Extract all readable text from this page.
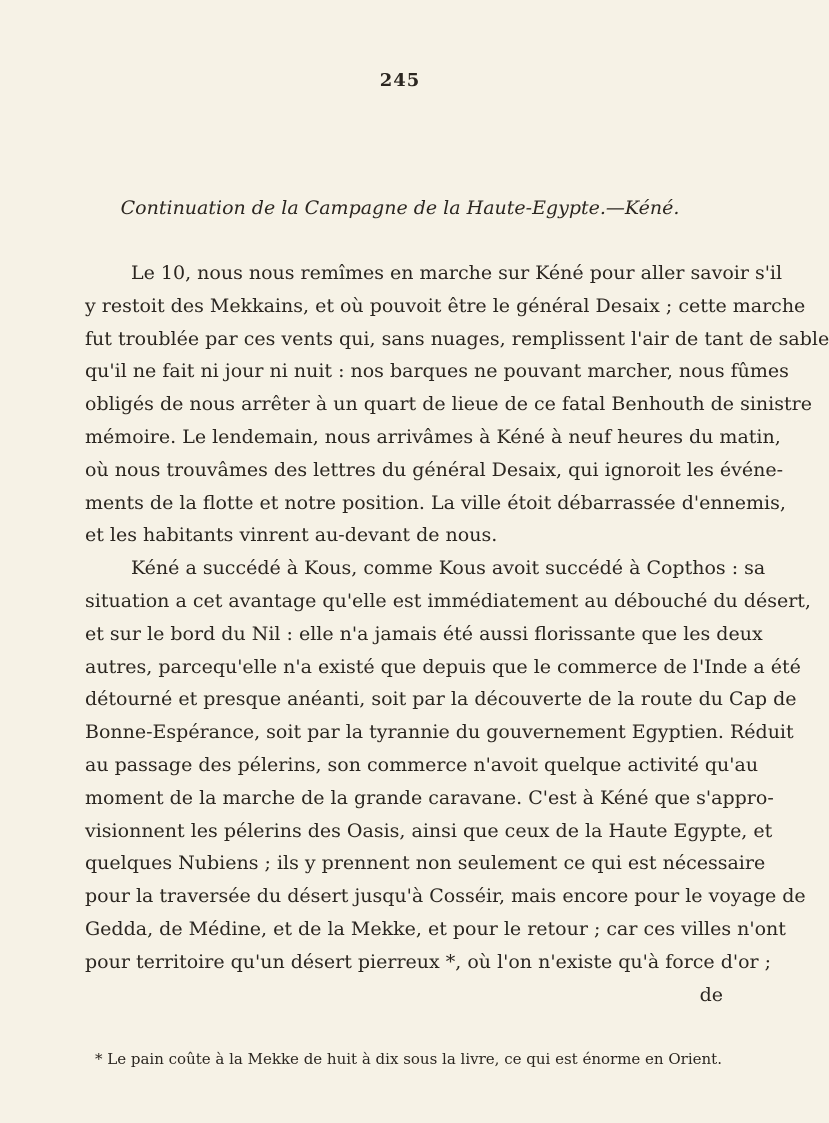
245
Continuation de la Campagne de la Haute-Egypte.—Kéné.
Le 10, nous nous remîmes en marche sur Kéné pour aller savoir s'il
y restoit des Mekkains, et où pouvoit être le général Desaix ; cette marche
fut troublée par ces vents qui, sans nuages, remplissent l'air de tant de sable
qu'il ne fait ni jour ni nuit : nos barques ne pouvant marcher, nous fûmes
obligés de nous arrêter à un quart de lieue de ce fatal Benhouth de sinistre
mémoire. Le lendemain, nous arrivâmes à Kéné à neuf heures du matin,
où nous trouvâmes des lettres du général Desaix, qui ignoroit les événe-
ments de la flotte et notre position. La ville étoit débarrassée d'ennemis,
et les habitants vinrent au-devant de nous.
Kéné a succédé à Kous, comme Kous avoit succédé à Copthos : sa
situation a cet avantage qu'elle est immédiatement au débouché du désert,
et sur le bord du Nil : elle n'a jamais été aussi florissante que les deux
autres, parcequ'elle n'a existé que depuis que le commerce de l'Inde a été
détourné et presque anéanti, soit par la découverte de la route du Cap de
Bonne-Espérance, soit par la tyrannie du gouvernement Egyptien. Réduit
au passage des pélerins, son commerce n'avoit quelque activité qu'au
moment de la marche de la grande caravane. C'est à Kéné que s'appro-
visionnent les pélerins des Oasis, ainsi que ceux de la Haute Egypte, et
quelques Nubiens ; ils y prennent non seulement ce qui est nécessaire
pour la traversée du désert jusqu'à Cosséir, mais encore pour le voyage de
Gedda, de Médine, et de la Mekke, et pour le retour ; car ces villes n'ont
pour territoire qu'un désert pierreux *, où l'on n'existe qu'à force d'or ;
de
* Le pain coûte à la Mekke de huit à dix sous la livre, ce qui est énorme en Orient.
